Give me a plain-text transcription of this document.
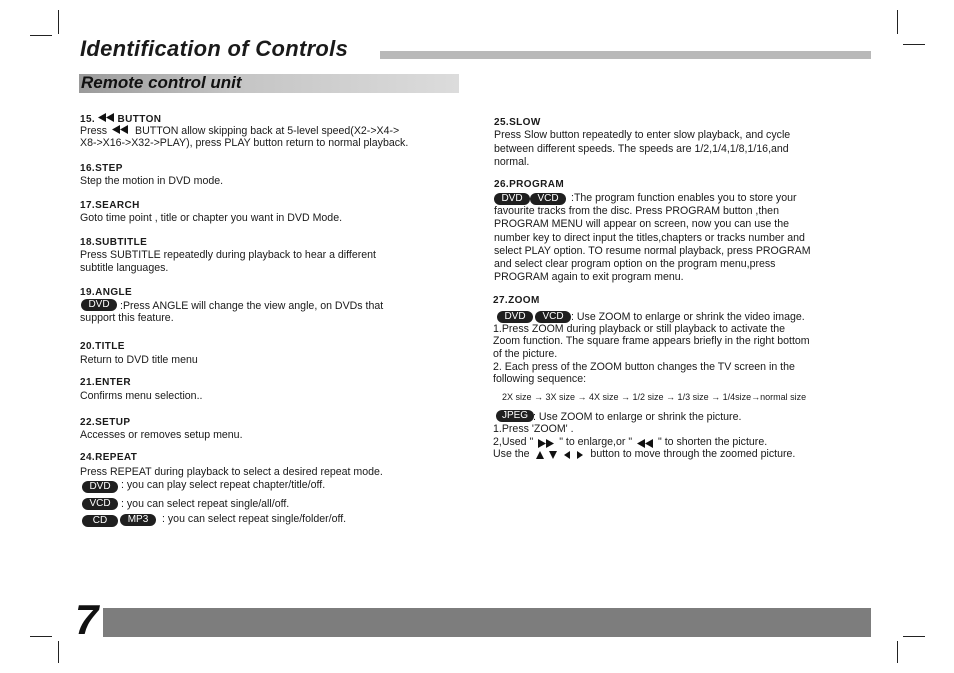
Identification of Controls
Remote control unit
15. BUTTON
Press	BUTTON allow skipping back at 5-level speed(X2->X4->
X8->X16->X32->PLAY), press PLAY button return to normal playback.
16.STEP
Step the motion in DVD mode.
17.SEARCH
Goto time point , title or chapter you want in DVD Mode.
18.SUBTITLE
Press SUBTITLE repeatedly during playback to hear a different
subtitle languages.
19.ANGLE
DVD :Press ANGLE will change the view angle, on DVDs that
support this feature.
20.TITLE
Return to DVD title menu
21.ENTER
Confirms menu selection..
22.SETUP
Accesses or removes setup menu.
24.REPEAT
Press REPEAT during playback to select a desired repeat mode.
DVD : you can play select repeat chapter/title/off.
VCD : you can select repeat single/all/off.
CD	MP3	: you can select repeat single/folder/off.
25.SLOW
Press Slow button repeatedly to enter slow playback, and cycle
between different speeds. The speeds are 1/2,1/4,1/8,1/16,and
normal.
26.PROGRAM
DVD	VCD	:The program function enables you to store your
favourite tracks from the disc. Press PROGRAM button ,then
PROGRAM MENU will appear on screen, now you can use the
number key to direct input the titles,chapters or tracks number and
select PLAY option. TO resume normal playback, press PROGRAM
and select clear program option on the program menu,press
PROGRAM again to exit program menu.
27.ZOOM
DVD	VCD : Use ZOOM to enlarge or shrink the video image.
1.Press ZOOM during playback or still playback to activate the
Zoom function. The square frame appears briefly in the right bottom
of the picture.
2. Each press of the ZOOM button changes the TV screen in the
following sequence:
2X size → 3X size → 4X size → 1/2 size → 1/3 size → 1/4size→normal size
JPEG : Use ZOOM to enlarge or shrink the picture.
1.Press 'ZOOM' .
2,Used " " to enlarge,or " " to shorten the picture.
Use the	button to move through the zoomed picture.
7
